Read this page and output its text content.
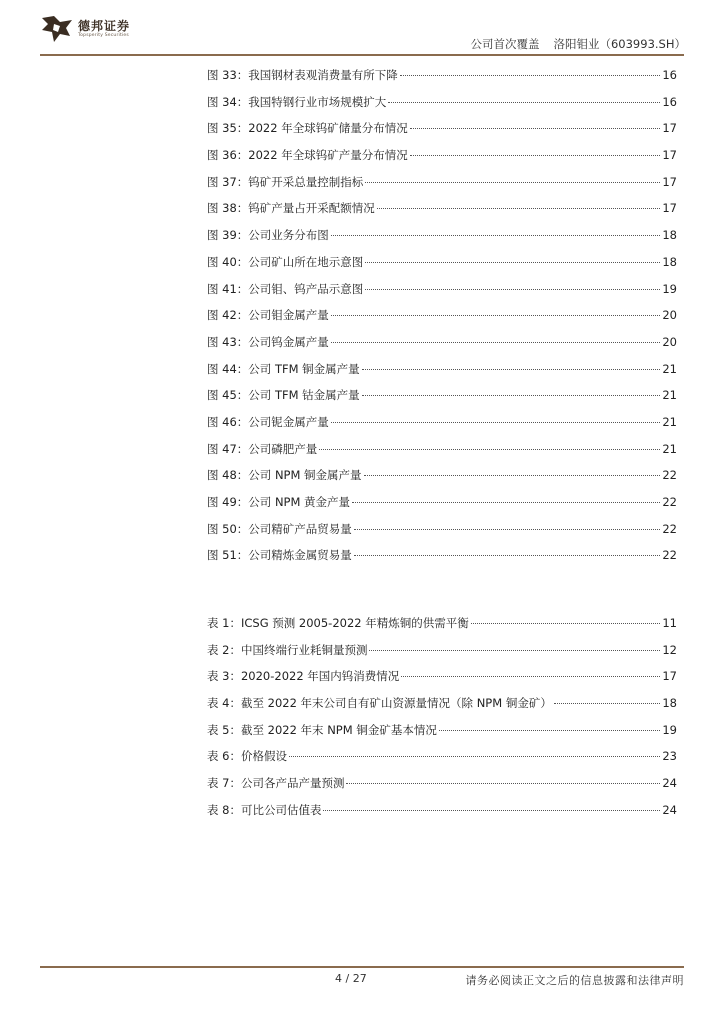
德邦证券
Topsperity Securities
公司首次覆盖 洛阳钼业（603993.SH）
图 33：我国钢材表观消费量有所下降	16
图 34：我国特钢行业市场规模扩大	16
图 35：2022 年全球钨矿储量分布情况	17
图 36：2022 年全球钨矿产量分布情况	17
图 37：钨矿开采总量控制指标	17
图 38：钨矿产量占开采配额情况	17
图 39：公司业务分布图	18
图 40：公司矿山所在地示意图	18
图 41：公司钼、钨产品示意图	19
图 42：公司钼金属产量	20
图 43：公司钨金属产量	20
图 44：公司 TFM 铜金属产量	21
图 45：公司 TFM 钴金属产量	21
图 46：公司铌金属产量	21
图 47：公司磷肥产量	21
图 48：公司 NPM 铜金属产量	22
图 49：公司 NPM 黄金产量	22
图 50：公司精矿产品贸易量	22
图 51：公司精炼金属贸易量	22
表 1：ICSG 预测 2005-2022 年精炼铜的供需平衡	11
表 2：中国终端行业耗铜量预测	12
表 3：2020-2022 年国内钨消费情况	17
表 4：截至 2022 年末公司自有矿山资源量情况（除 NPM 铜金矿）	18
表 5：截至 2022 年末 NPM 铜金矿基本情况	19
表 6：价格假设	23
表 7：公司各产品产量预测	24
表 8：可比公司估值表	24
4 / 27	请务必阅读正文之后的信息披露和法律声明
